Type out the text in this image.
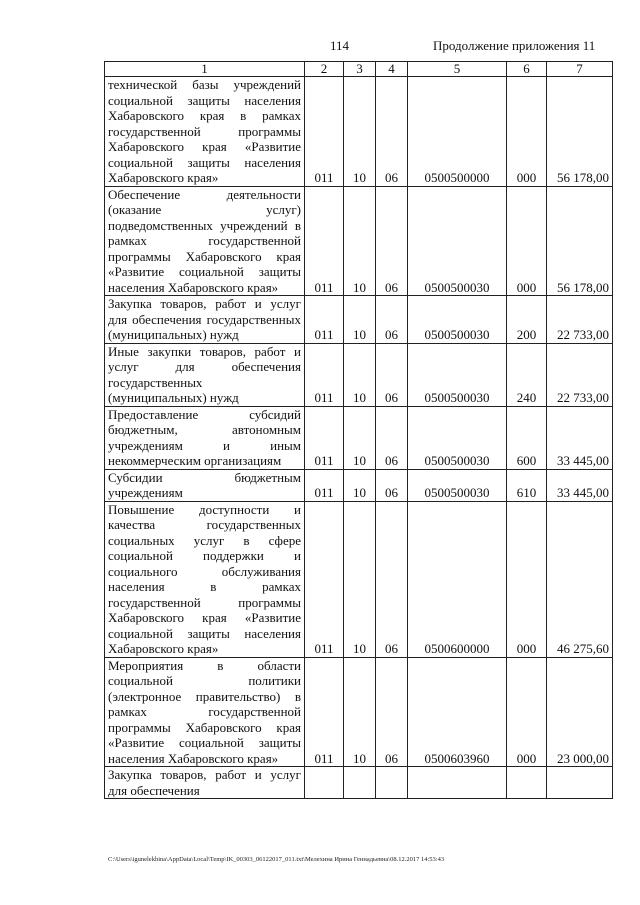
114	Продолжение приложения 11
1	2	3	4	5	6	7
технической базы учреждений социальной защиты населения Хабаровского края в рамках государственной программы Хабаровского края «Развитие социальной защиты населения Хабаровского края»	011	10	06	0500500000	000	56 178,00
Обеспечение деятельности (оказание услуг) подведомственных учреждений в рамках государственной программы Хабаровского края «Развитие социальной защиты населения Хабаровского края»	011	10	06	0500500030	000	56 178,00
Закупка товаров, работ и услуг для обеспечения государственных (муниципальных) нужд	011	10	06	0500500030	200	22 733,00
Иные закупки товаров, работ и услуг для обеспечения государственных (муниципальных) нужд	011	10	06	0500500030	240	22 733,00
Предоставление субсидий бюджетным, автономным учреждениям и иным некоммерческим организациям	011	10	06	0500500030	600	33 445,00
Субсидии бюджетным учреждениям	011	10	06	0500500030	610	33 445,00
Повышение доступности и качества государственных социальных услуг в сфере социальной поддержки и социального обслуживания населения в рамках государственной программы Хабаровского края «Развитие социальной защиты населения Хабаровского края»	011	10	06	0500600000	000	46 275,60
Мероприятия в области социальной политики (электронное правительство) в рамках государственной программы Хабаровского края «Развитие социальной защиты населения Хабаровского края»	011	10	06	0500603960	000	23 000,00
Закупка товаров, работ и услуг для обеспечения						
C:\Users\igunelekhina\AppData\Local\Temp\IK_00303_06122017_011.txt\Мелехина Ирина Геннадьевна\08.12.2017 14:53:43
